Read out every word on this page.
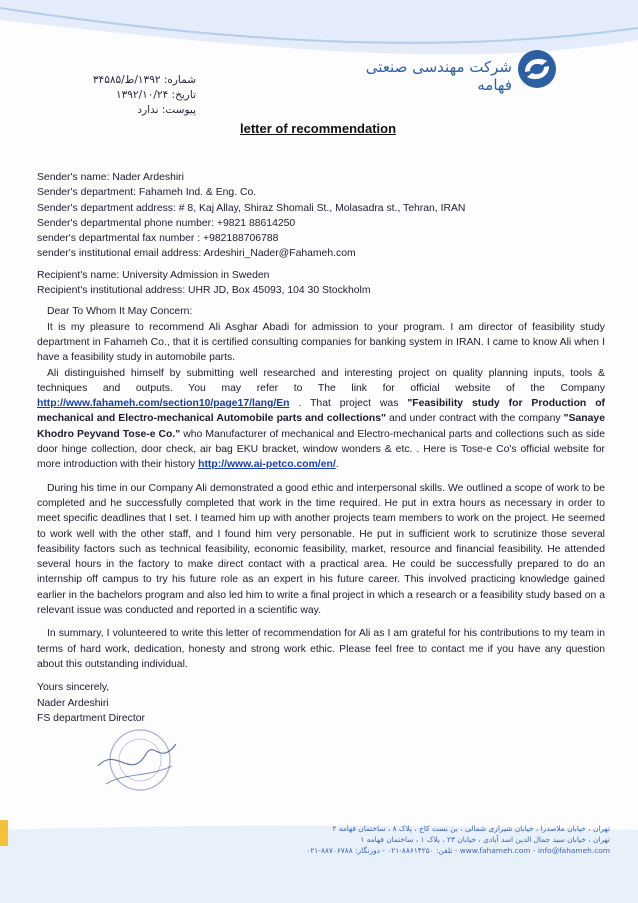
شرکت مهندسی صنعتی فهامه
شماره: ۱۳۹۲/ط/۳۴۵۸۵
تاریخ: ۱۳۹۲/۱۰/۲۴
پیوست: ندارد
letter of recommendation
Sender's name: Nader Ardeshiri
Sender's department: Fahameh Ind. & Eng. Co.
Sender's department address: # 8, Kaj Allay, Shiraz Shomali St., Molasadra st., Tehran, IRAN
Sender's departmental phone number: +9821 88614250
sender's departmental fax number : +982188706788
sender's institutional email address: Ardeshiri_Nader@Fahameh.com
Recipient's name: University Admission in Sweden
Recipient's institutional address: UHR JD, Box 45093, 104 30 Stockholm

Dear To Whom It May Concern:

It is my pleasure to recommend Ali Asghar Abadi for admission to your program. I am director of feasibility study department in Fahameh Co., that it is certified consulting companies for banking system in IRAN. I came to know Ali when I have a feasibility study in automobile parts.

Ali distinguished himself by submitting well researched and interesting project on quality planning inputs, tools & techniques and outputs. You may refer to The link for official website of the Company http://www.fahameh.com/section10/page17/lang/En . That project was "Feasibility study for Production of mechanical and Electro-mechanical Automobile parts and collections" and under contract with the company "Sanaye Khodro Peyvand Tose-e Co." who Manufacturer of mechanical and Electro-mechanical parts and collections such as side door hinge collection, door check, air bag EKU bracket, window wonders & etc. . Here is Tose-e Co's official website for more introduction with their history http://www.ai-petco.com/en/.

During his time in our Company Ali demonstrated a good ethic and interpersonal skills. We outlined a scope of work to be completed and he successfully completed that work in the time required. He put in extra hours as necessary in order to meet specific deadlines that I set. I teamed him up with another projects team members to work on the project. He seemed to work well with the other staff, and I found him very personable. He put in sufficient work to scrutinize those several feasibility factors such as technical feasibility, economic feasibility, market, resource and financial feasibility. He attended several hours in the factory to make direct contact with a practical area. He could be successfully prepared to do an internship off campus to try his future role as an expert in his future career. This involved practicing knowledge gained earlier in the bachelors program and also led him to write a final project in which a research or a feasibility study based on a relevant issue was conducted and reported in a scientific way.

In summary, I volunteered to write this letter of recommendation for Ali as I am grateful for his contributions to my team in terms of hard work, dedication, honesty and strong work ethic. Please feel free to contact me if you have any question about this outstanding individual.

Yours sincerely,
Nader Ardeshiri
FS department Director
تهران ، خیابان ملاصدرا ، خیابان شیرازی شمالی ، بن بست کاج ، پلاک ۸ ، ساختمان فهامه ۲
تهران ، خیابان سید جمال الدین اسد آبادی ، خیابان ۲۳ ، پلاک ۱ ، ساختمان فهامه ۱
www.fahameh.com - info@fahameh.com - تلفن: ۸۸۶۱۴۲۵۰-۰۲۱ - دورنگار: ۸۸۷۰۶۷۸۸-۰۲۱
